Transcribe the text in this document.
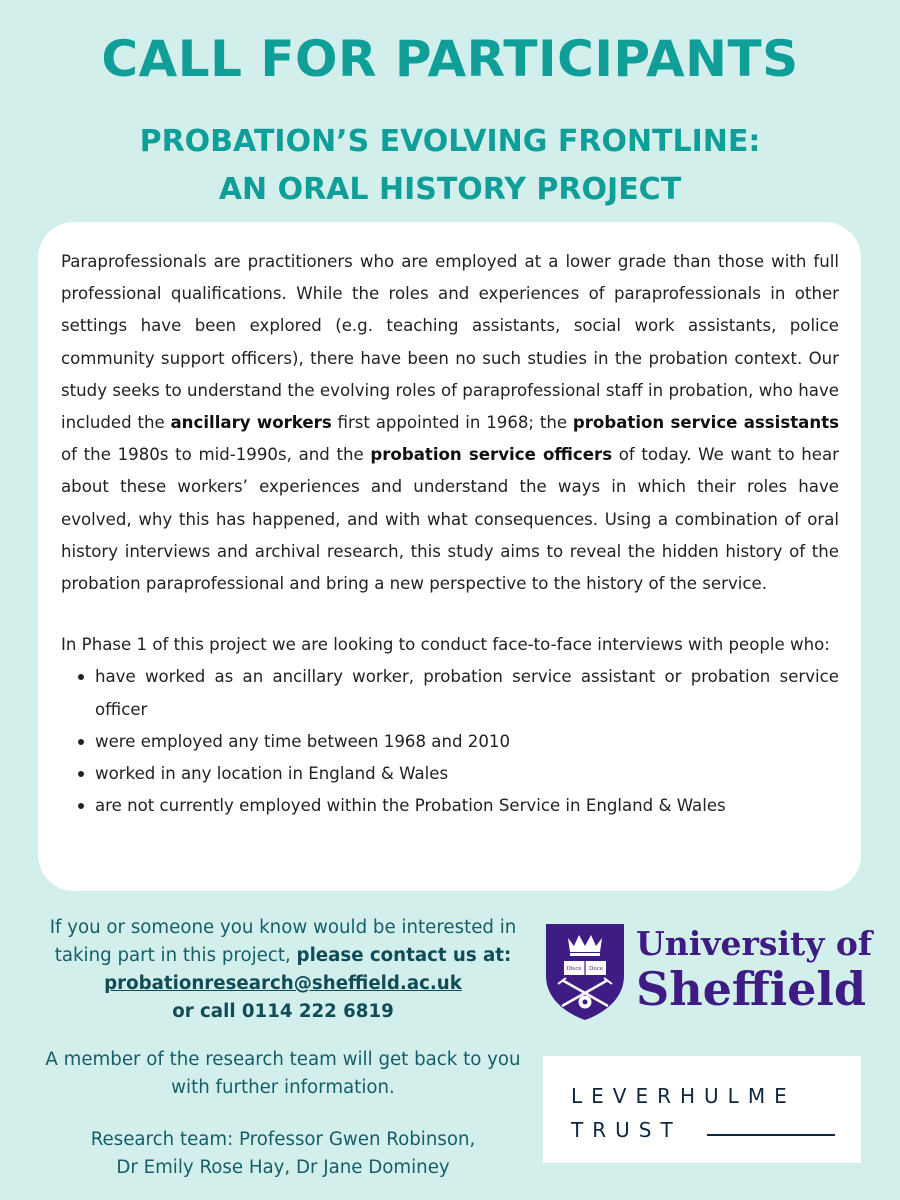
CALL FOR PARTICIPANTS
PROBATION’S EVOLVING FRONTLINE:
AN ORAL HISTORY PROJECT

Paraprofessionals are practitioners who are employed at a lower grade than those with full professional qualifications. While the roles and experiences of paraprofessionals in other settings have been explored (e.g. teaching assistants, social work assistants, police community support officers), there have been no such studies in the probation context. Our study seeks to understand the evolving roles of paraprofessional staff in probation, who have included the ancillary workers first appointed in 1968; the probation service assistants of the 1980s to mid-1990s, and the probation service officers of today. We want to hear about these workers’ experiences and understand the ways in which their roles have evolved, why this has happened, and with what consequences. Using a combination of oral history interviews and archival research, this study aims to reveal the hidden history of the probation paraprofessional and bring a new perspective to the history of the service.

In Phase 1 of this project we are looking to conduct face-to-face interviews with people who:

have worked as an ancillary worker, probation service assistant or probation service officer
were employed any time between 1968 and 2010
worked in any location in England & Wales
are not currently employed within the Probation Service in England & Wales
If you or someone you know would be interested in taking part in this project, please contact us at:
probationresearch@sheffield.ac.uk
or call 0114 222 6819

A member of the research team will get back to you with further information.

Research team: Professor Gwen Robinson,
Dr Emily Rose Hay, Dr Jane Dominey
Disce Doce
University of
Sheffield
LEVERHULME
TRUST
